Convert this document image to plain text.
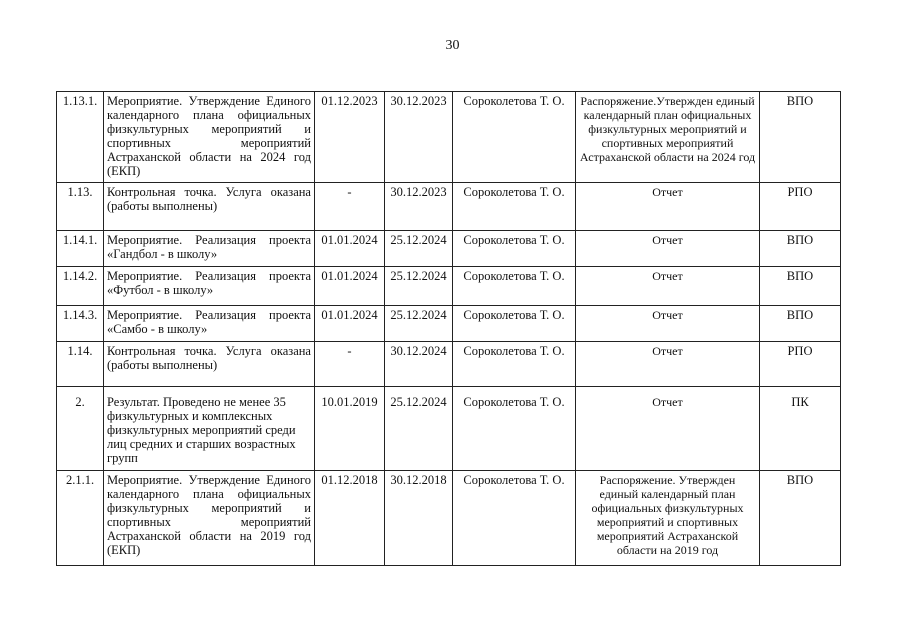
30
1.13.1.	Мероприятие. Утверждение Единого календарного плана официальных физкультурных мероприятий и спортивных мероприятий Астраханской области на 2024 год (ЕКП)	01.12.2023	30.12.2023	Сороколетова Т. О.	Распоряжение.Утвержден единый календарный план официальных физкультурных мероприятий и спортивных мероприятий Астраханской области на 2024 год	ВПО
1.13.	Контрольная точка. Услуга оказана (работы выполнены)	-	30.12.2023	Сороколетова Т. О.	Отчет	РПО
1.14.1.	Мероприятие. Реализация проекта «Гандбол - в школу»	01.01.2024	25.12.2024	Сороколетова Т. О.	Отчет	ВПО
1.14.2.	Мероприятие. Реализация проекта «Футбол - в школу»	01.01.2024	25.12.2024	Сороколетова Т. О.	Отчет	ВПО
1.14.3.	Мероприятие. Реализация проекта «Самбо - в школу»	01.01.2024	25.12.2024	Сороколетова Т. О.	Отчет	ВПО
1.14.	Контрольная точка. Услуга оказана (работы выполнены)	-	30.12.2024	Сороколетова Т. О.	Отчет	РПО
2.	Результат. Проведено не менее 35 физкультурных и комплексных физкультурных мероприятий среди лиц средних и старших возрастных групп	10.01.2019	25.12.2024	Сороколетова Т. О.	Отчет	ПК
2.1.1.	Мероприятие. Утверждение Единого календарного плана официальных физкультурных мероприятий и спортивных мероприятий Астраханской области на 2019 год (ЕКП)	01.12.2018	30.12.2018	Сороколетова Т. О.	Распоряжение. Утвержден единый календарный план официальных физкультурных мероприятий и спортивных мероприятий Астраханской области на 2019 год	ВПО
